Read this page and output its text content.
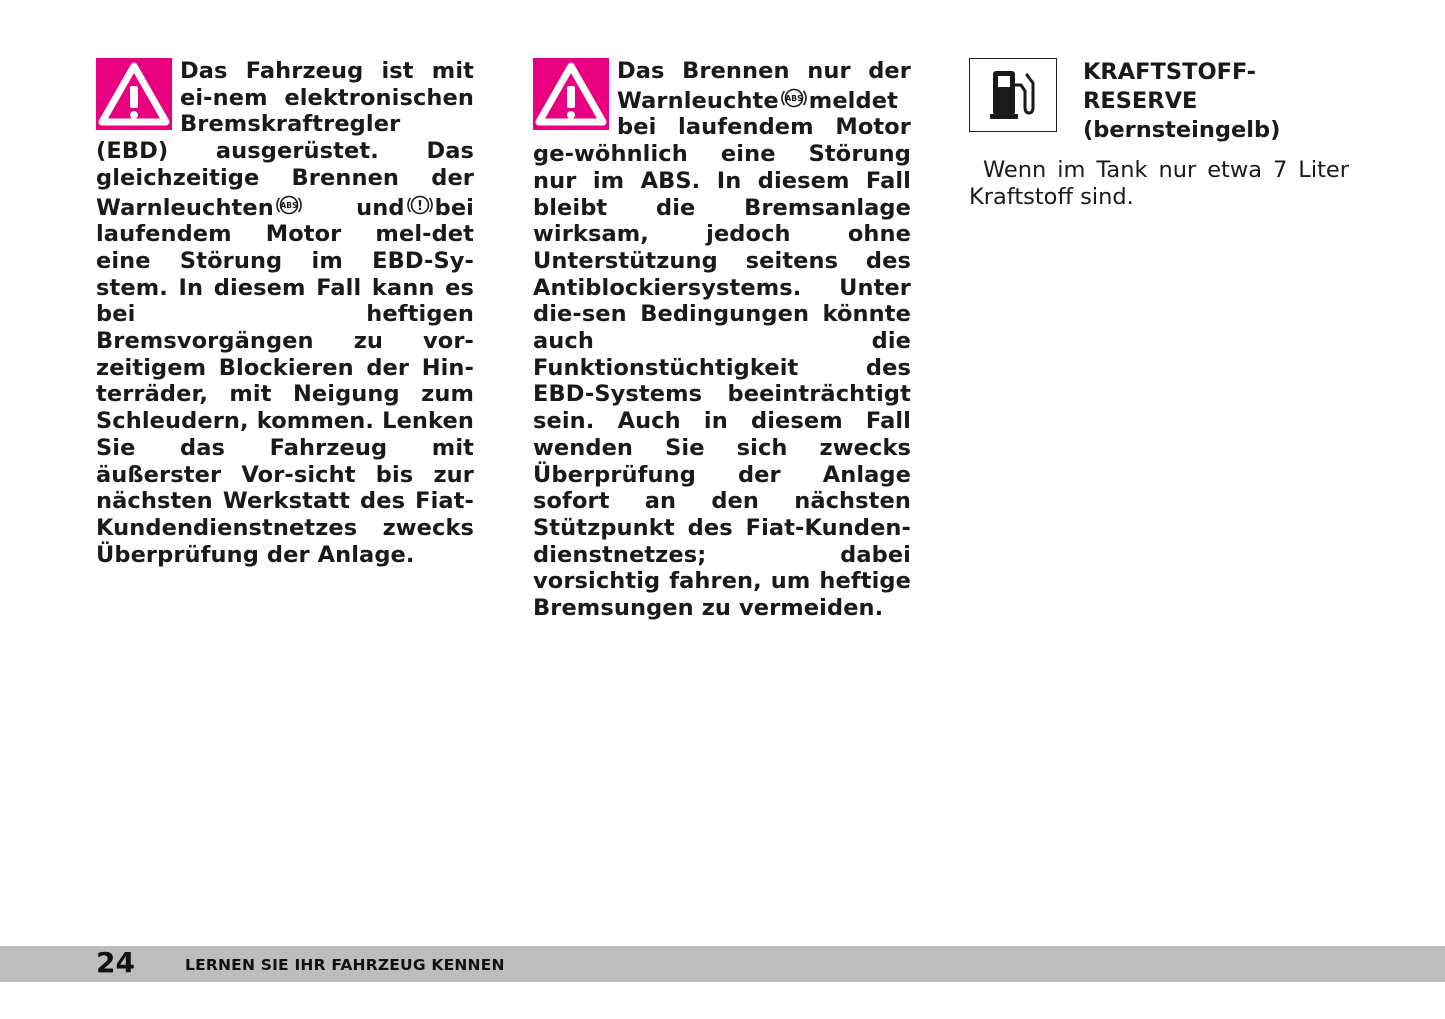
Das Fahrzeug ist mit ei-nem elektronischen Bremskraftregler (EBD) ausgerüstet. Das gleichzeitige Brennen der Warnleuchten ABS	und ! bei laufendem Motor mel-det eine Störung im EBD-Sy-stem. In diesem Fall kann es bei heftigen Bremsvorgängen zu vor-zeitigem Blockieren der Hin-terräder, mit Neigung zum Schleudern, kommen. Lenken Sie das Fahrzeug mit äußerster Vor-sicht bis zur nächsten Werkstatt des Fiat-Kundendienstnetzes zwecks Überprüfung der Anlage.

Das Brennen nur der Warnleuchte ABS meldet bei laufendem Motor ge-wöhnlich eine Störung nur im ABS. In diesem Fall bleibt die Bremsanlage wirksam, jedoch ohne Unterstützung seitens des Antiblockiersystems. Unter die-sen Bedingungen könnte auch die Funktionstüchtigkeit des EBD-Systems beeinträchtigt sein. Auch in diesem Fall wenden Sie sich zwecks Überprüfung der Anlage sofort an den nächsten Stützpunkt des Fiat-Kunden-dienstnetzes; dabei vorsichtig fahren, um heftige Bremsungen zu vermeiden.

KRAFTSTOFF-
RESERVE
(bernsteingelb)

Wenn im Tank nur etwa 7 Liter Kraftstoff sind.

24	LERNEN SIE IHR FAHRZEUG KENNEN
